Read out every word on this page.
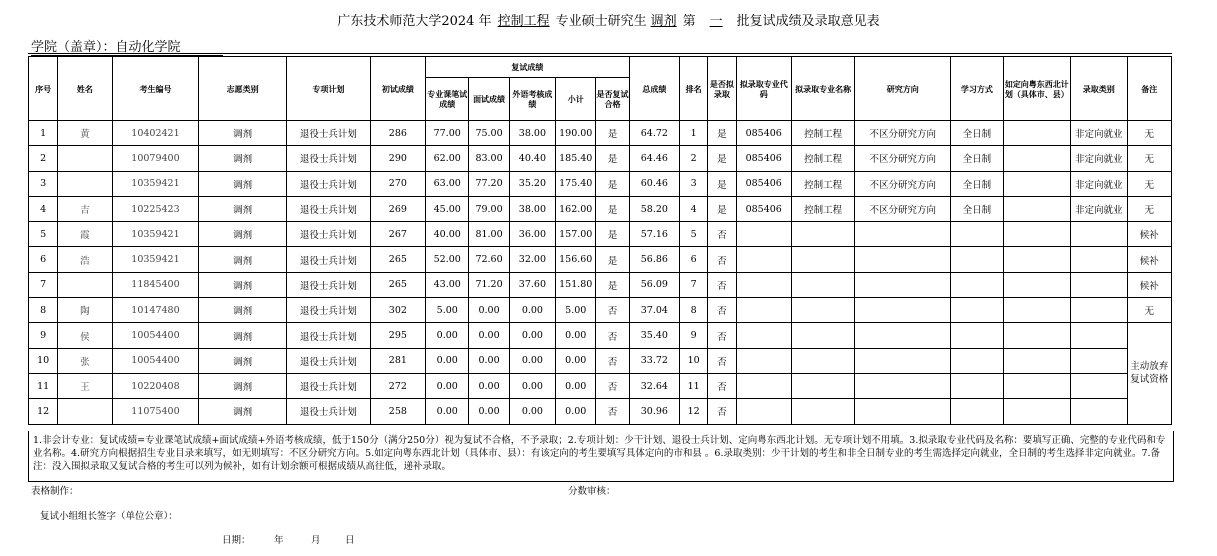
广东技术师范大学2024 年 控制工程 专业硕士研究生 调剂 第 一 批复试成绩及录取意见表
学院（盖章）：自动化学院
序号	姓名	考生编号	志愿类别	专项计划	初试成绩	复试成绩					总成绩	排名	是否拟录取	拟录取专业代码	拟录取专业名称	研究方向	学习方式	如定向粤东西北计划（具体市、县）	录取类别	备注
						专业课笔试成绩	面试成绩	外语考核成绩	小计	是否复试合格										
1	黄	10402421	调剂	退役士兵计划	286	77.00	75.00	38.00	190.00	是	64.72	1	是	085406	控制工程	不区分研究方向	全日制		非定向就业	无
2		10079400	调剂	退役士兵计划	290	62.00	83.00	40.40	185.40	是	64.46	2	是	085406	控制工程	不区分研究方向	全日制		非定向就业	无
3		10359421	调剂	退役士兵计划	270	63.00	77.20	35.20	175.40	是	60.46	3	是	085406	控制工程	不区分研究方向	全日制		非定向就业	无
4	吉	10225423	调剂	退役士兵计划	269	45.00	79.00	38.00	162.00	是	58.20	4	是	085406	控制工程	不区分研究方向	全日制		非定向就业	无
5	霞	10359421	调剂	退役士兵计划	267	40.00	81.00	36.00	157.00	是	57.16	5	否							候补
6	浩	10359421	调剂	退役士兵计划	265	52.00	72.60	32.00	156.60	是	56.86	6	否							候补
7		11845400	调剂	退役士兵计划	265	43.00	71.20	37.60	151.80	是	56.09	7	否							候补
8	陶	10147480	调剂	退役士兵计划	302	5.00	0.00	0.00	5.00	否	37.04	8	否							无
9	侯	10054400	调剂	退役士兵计划	295	0.00	0.00	0.00	0.00	否	35.40	9	否							主动放弃复试资格
10	张	10054400	调剂	退役士兵计划	281	0.00	0.00	0.00	0.00	否	33.72	10	否							
11	王	10220408	调剂	退役士兵计划	272	0.00	0.00	0.00	0.00	否	32.64	11	否							
12		11075400	调剂	退役士兵计划	258	0.00	0.00	0.00	0.00	否	30.96	12	否							
1.非会计专业：复试成绩=专业课笔试成绩+面试成绩+外语考核成绩，低于150分（满分250分）视为复试不合格，不予录取；2.专项计划：少干计划、退役士兵计划、定向粤东西北计划。无专项计划不用填。3.拟录取专业代码及名称：要填写正确、完整的专业代码和专业名称。4.研究方向根据招生专业目录来填写，如无则填写：不区分研究方向。5.如定向粤东西北计划（具体市、县）：有该定向的考生要填写具体定向的市和县 。6.录取类别：少干计划的考生和非全日制专业的考生需选择定向就业，全日制的考生选择非定向就业。7.备注：没入围拟录取又复试合格的考生可以列为候补，如有计划余额可根据成绩从高往低，递补录取。
表格制作：	分数审核：
复试小组组长签字（单位公章）：
日期： 年	月	日
